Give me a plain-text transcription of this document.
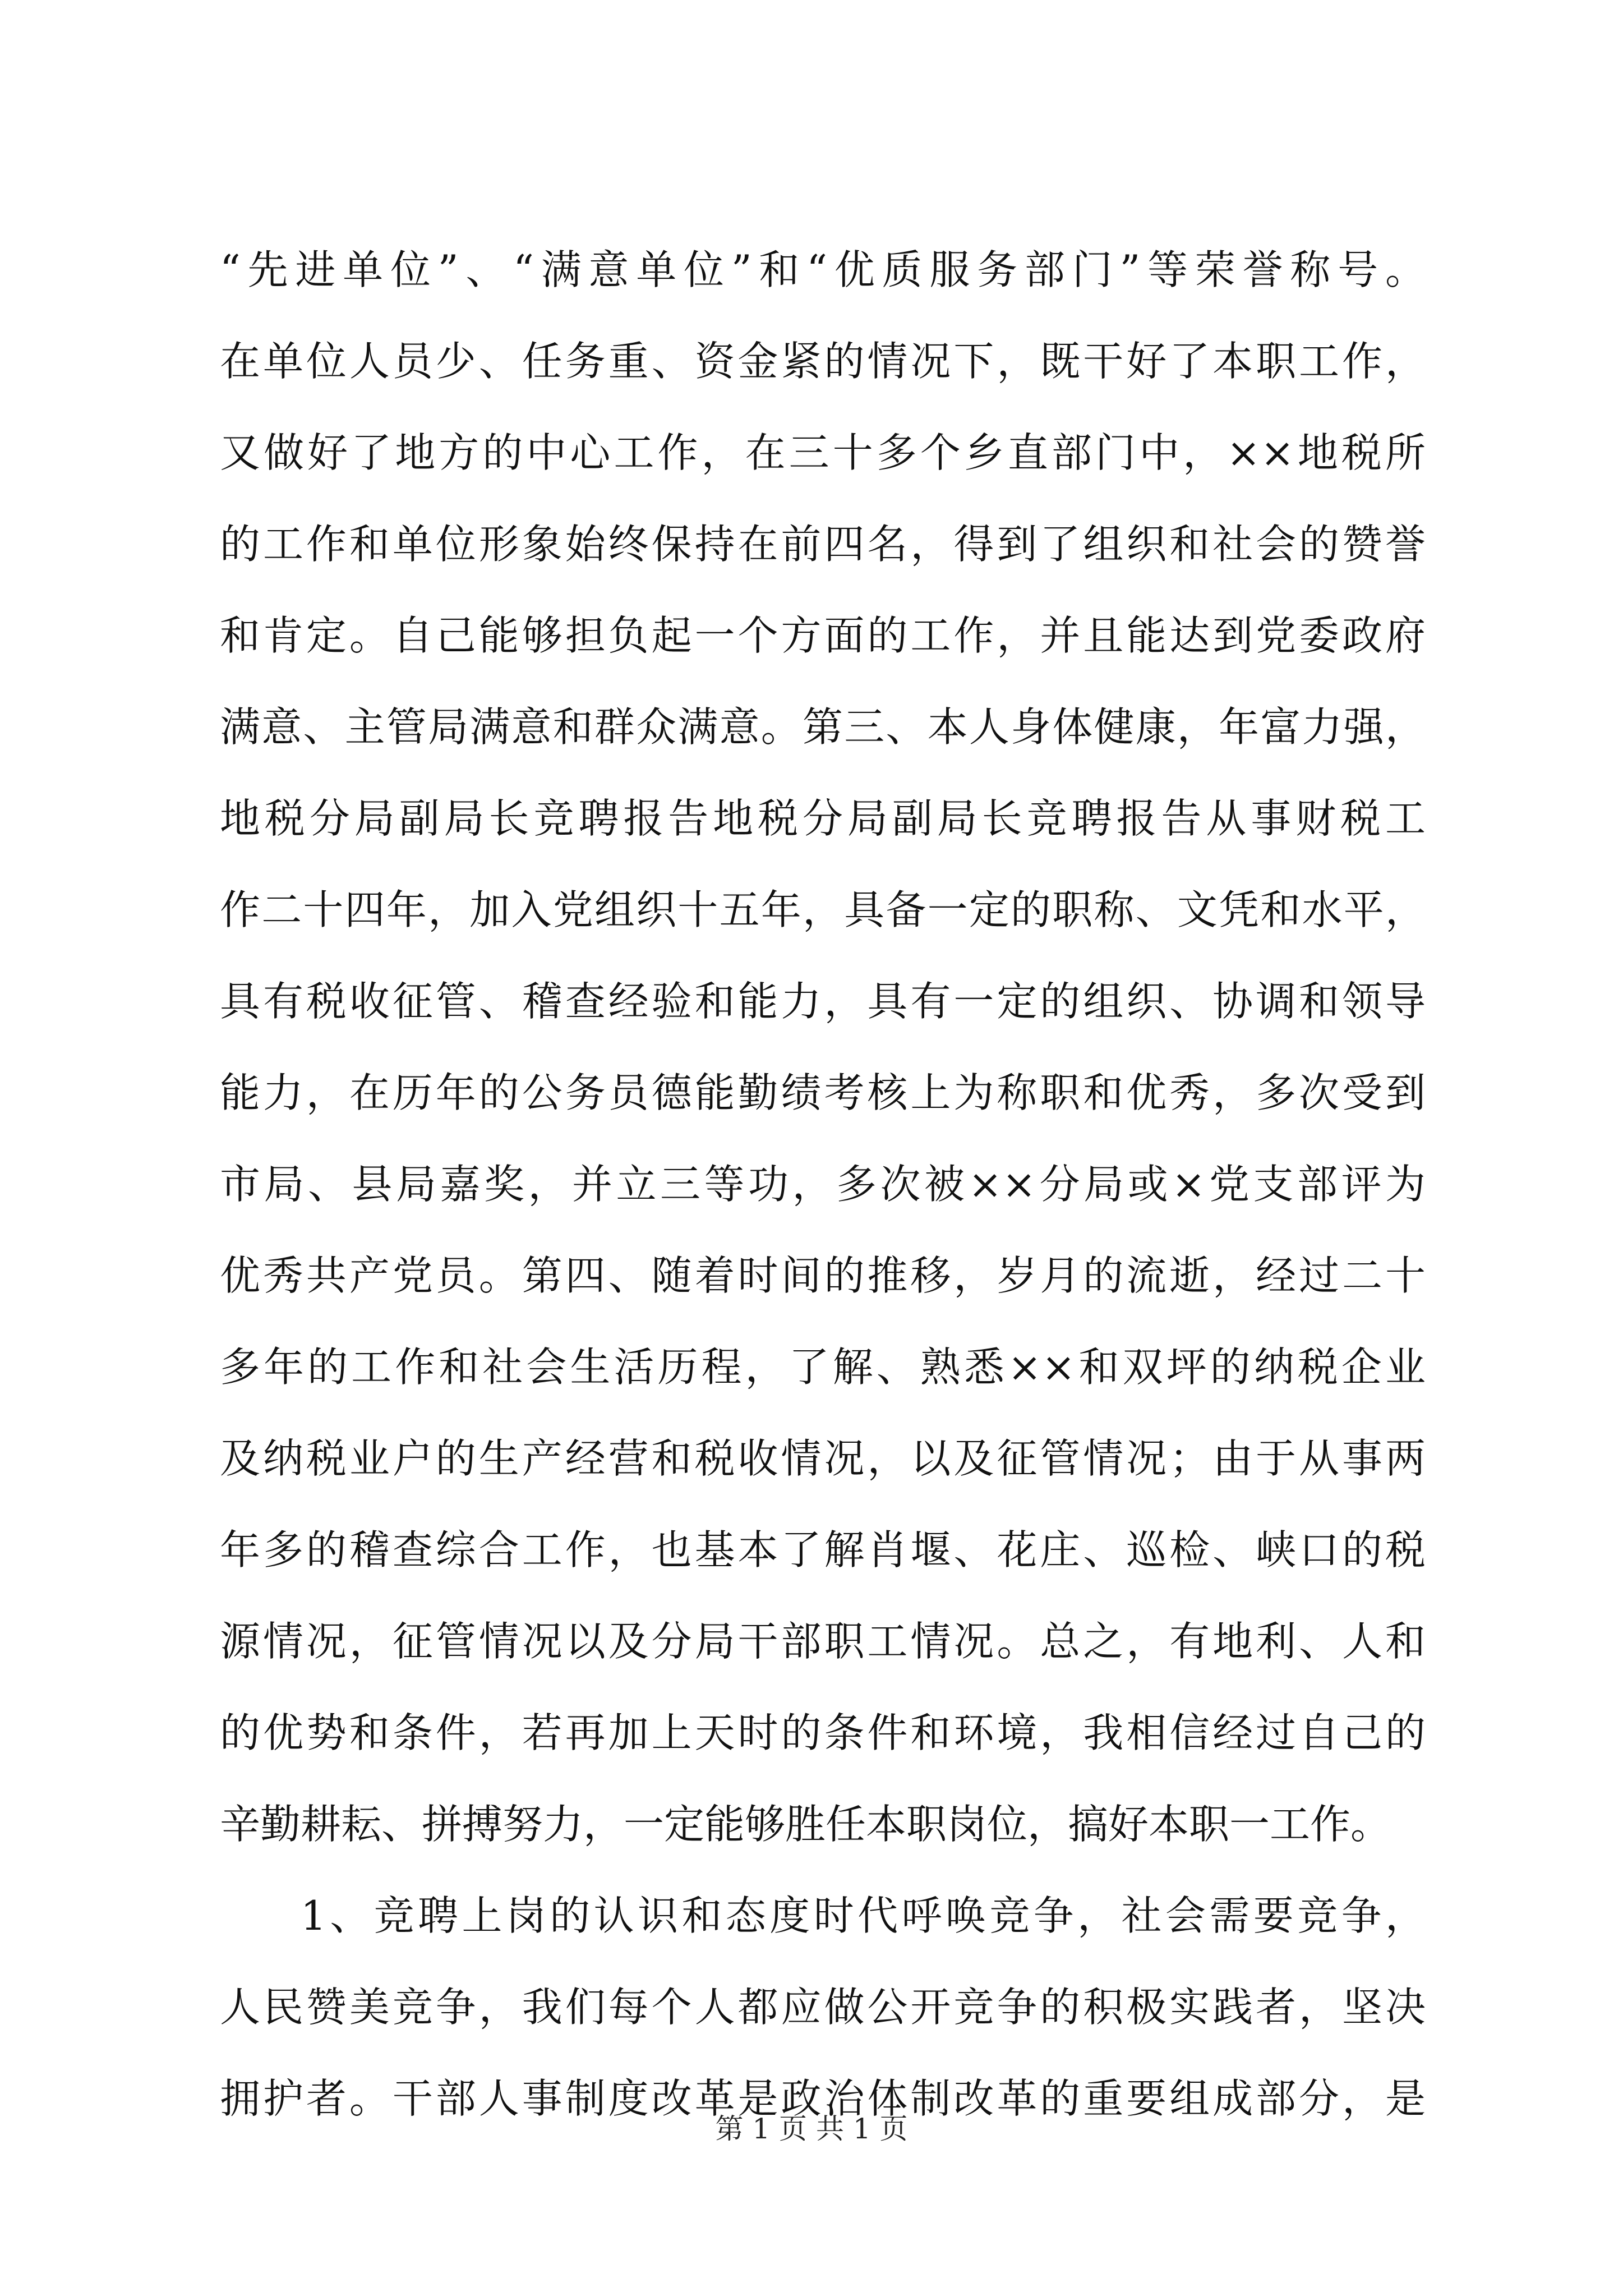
“先进单位”、“满意单位”和“优质服务部门”等荣誉称号。
在单位人员少、任务重、资金紧的情况下，既干好了本职工作，
又做好了地方的中心工作，在三十多个乡直部门中，××地税所
的工作和单位形象始终保持在前四名，得到了组织和社会的赞誉
和肯定。自己能够担负起一个方面的工作，并且能达到党委政府
满意、主管局满意和群众满意。第三、本人身体健康，年富力强，
地税分局副局长竞聘报告地税分局副局长竞聘报告从事财税工
作二十四年，加入党组织十五年，具备一定的职称、文凭和水平，
具有税收征管、稽查经验和能力，具有一定的组织、协调和领导
能力，在历年的公务员德能勤绩考核上为称职和优秀，多次受到
市局、县局嘉奖，并立三等功，多次被××分局或×党支部评为
优秀共产党员。第四、随着时间的推移，岁月的流逝，经过二十
多年的工作和社会生活历程，了解、熟悉××和双坪的纳税企业
及纳税业户的生产经营和税收情况，以及征管情况；由于从事两
年多的稽查综合工作，也基本了解肖堰、花庄、巡检、峡口的税
源情况，征管情况以及分局干部职工情况。总之，有地利、人和
的优势和条件，若再加上天时的条件和环境，我相信经过自己的
辛勤耕耘、拼搏努力，一定能够胜任本职岗位，搞好本职一工作。
1、竞聘上岗的认识和态度时代呼唤竞争，社会需要竞争，
人民赞美竞争，我们每个人都应做公开竞争的积极实践者，坚决
拥护者。干部人事制度改革是政治体制改革的重要组成部分，是
第 1 页 共 1 页
